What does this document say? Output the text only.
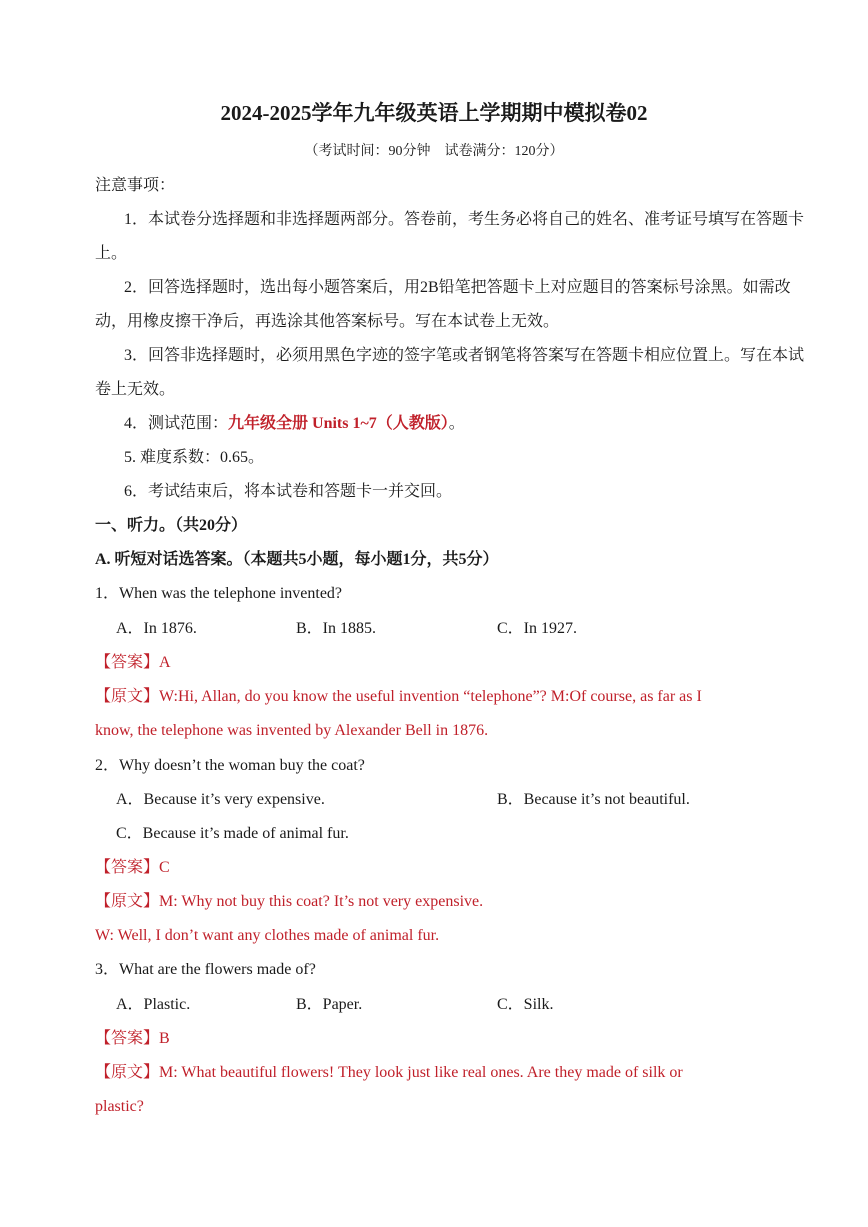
2024-2025学年九年级英语上学期期中模拟卷02
（考试时间：90分钟　试卷满分：120分）
注意事项：
1．本试卷分选择题和非选择题两部分。答卷前，考生务必将自己的姓名、准考证号填写在答题卡
上。
2．回答选择题时，选出每小题答案后，用2B铅笔把答题卡上对应题目的答案标号涂黑。如需改
动，用橡皮擦干净后，再选涂其他答案标号。写在本试卷上无效。
3．回答非选择题时，必须用黑色字迹的签字笔或者钢笔将答案写在答题卡相应位置上。写在本试
卷上无效。
4．测试范围：九年级全册 Units 1~7（人教版）。
5. 难度系数：0.65。
6．考试结束后，将本试卷和答题卡一并交回。
一、听力。（共20分）
A. 听短对话选答案。（本题共5小题，每小题1分，共5分）
1．When was the telephone invented?
A．In 1876.	B．In 1885.	C．In 1927.
【答案】A
【原文】W:Hi, Allan, do you know the useful invention “telephone”? M:Of course, as far as I
know, the telephone was invented by Alexander Bell in 1876.
2．Why doesn’t the woman buy the coat?
A．Because it’s very expensive.	B．Because it’s not beautiful.
C．Because it’s made of animal fur.
【答案】C
【原文】M: Why not buy this coat? It’s not very expensive.
W: Well, I don’t want any clothes made of animal fur.
3．What are the flowers made of?
A．Plastic.	B．Paper.	C．Silk.
【答案】B
【原文】M: What beautiful flowers! They look just like real ones. Are they made of silk or
plastic?
